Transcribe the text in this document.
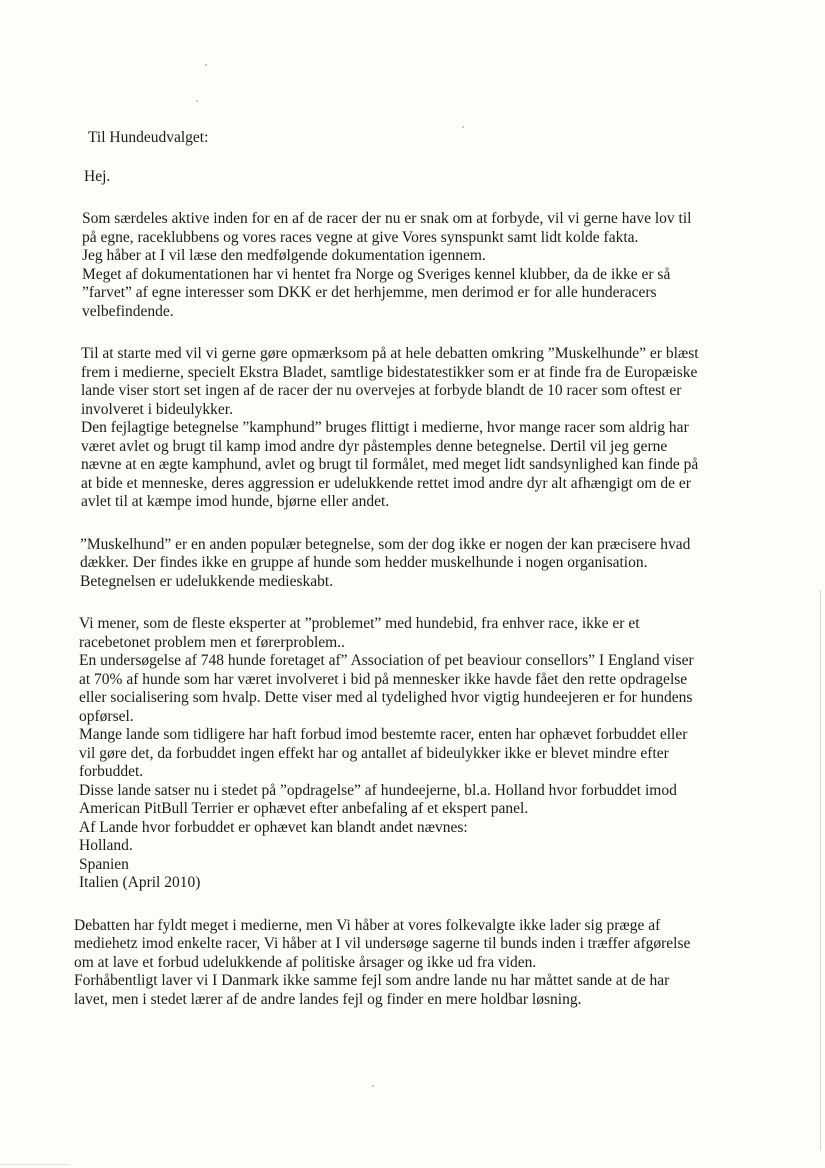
Til Hundeudvalget:
Hej.
Som særdeles aktive inden for en af de racer der nu er snak om at forbyde, vil vi gerne have lov til
på egne, raceklubbens og vores races vegne at give Vores synspunkt samt lidt kolde fakta.
Jeg håber at I vil læse den medfølgende dokumentation igennem.
Meget af dokumentationen har vi hentet fra Norge og Sveriges kennel klubber, da de ikke er så
”farvet” af egne interesser som DKK er det herhjemme, men derimod er for alle hunderacers
velbefindende.
Til at starte med vil vi gerne gøre opmærksom på at hele debatten omkring ”Muskelhunde” er blæst
frem i medierne, specielt Ekstra Bladet, samtlige bidestatestikker som er at finde fra de Europæiske
lande viser stort set ingen af de racer der nu overvejes at forbyde blandt de 10 racer som oftest er
involveret i bideulykker.
Den fejlagtige betegnelse ”kamphund” bruges flittigt i medierne, hvor mange racer som aldrig har
været avlet og brugt til kamp imod andre dyr påstemples denne betegnelse. Dertil vil jeg gerne
nævne at en ægte kamphund, avlet og brugt til formålet, med meget lidt sandsynlighed kan finde på
at bide et menneske, deres aggression er udelukkende rettet imod andre dyr alt afhængigt om de er
avlet til at kæmpe imod hunde, bjørne eller andet.
”Muskelhund” er en anden populær betegnelse, som der dog ikke er nogen der kan præcisere hvad
dækker. Der findes ikke en gruppe af hunde som hedder muskelhunde i nogen organisation.
Betegnelsen er udelukkende medieskabt.
Vi mener, som de fleste eksperter at ”problemet” med hundebid, fra enhver race, ikke er et
racebetonet problem men et førerproblem..
En undersøgelse af 748 hunde foretaget af” Association of pet beaviour consellors” I England viser
at 70% af hunde som har været involveret i bid på mennesker ikke havde fået den rette opdragelse
eller socialisering som hvalp. Dette viser med al tydelighed hvor vigtig hundeejeren er for hundens
opførsel.
Mange lande som tidligere har haft forbud imod bestemte racer, enten har ophævet forbuddet eller
vil gøre det, da forbuddet ingen effekt har og antallet af bideulykker ikke er blevet mindre efter
forbuddet.
Disse lande satser nu i stedet på ”opdragelse” af hundeejerne, bl.a. Holland hvor forbuddet imod
American PitBull Terrier er ophævet efter anbefaling af et ekspert panel.
Af Lande hvor forbuddet er ophævet kan blandt andet nævnes:
Holland.
Spanien
Italien (April 2010)
Debatten har fyldt meget i medierne, men Vi håber at vores folkevalgte ikke lader sig præge af
mediehetz imod enkelte racer, Vi håber at I vil undersøge sagerne til bunds inden i træffer afgørelse
om at lave et forbud udelukkende af politiske årsager og ikke ud fra viden.
Forhåbentligt laver vi I Danmark ikke samme fejl som andre lande nu har måttet sande at de har
lavet, men i stedet lærer af de andre landes fejl og finder en mere holdbar løsning.
